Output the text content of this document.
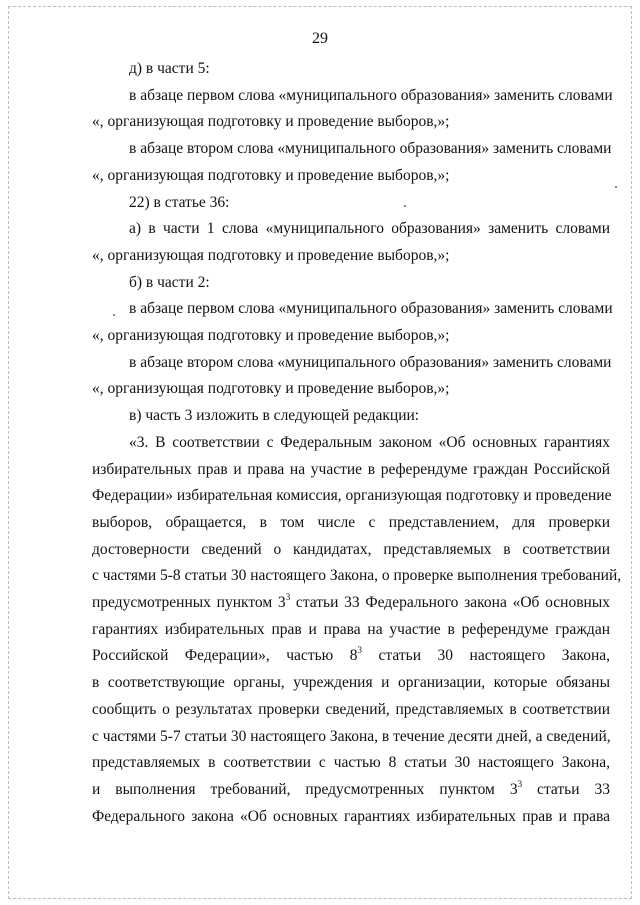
29
д) в части 5:
в абзаце первом слова «муниципального образования» заменить словами
«, организующая подготовку и проведение выборов,»;
в абзаце втором слова «муниципального образования» заменить словами
«, организующая подготовку и проведение выборов,»;
22) в статье 36:
а) в части 1 слова «муниципального образования» заменить словами
«, организующая подготовку и проведение выборов,»;
б) в части 2:
в абзаце первом слова «муниципального образования» заменить словами
«, организующая подготовку и проведение выборов,»;
в абзаце втором слова «муниципального образования» заменить словами
«, организующая подготовку и проведение выборов,»;
в) часть 3 изложить в следующей редакции:
«3. В соответствии с Федеральным законом «Об основных гарантиях
избирательных прав и права на участие в референдуме граждан Российской
Федерации» избирательная комиссия, организующая подготовку и проведение
выборов, обращается, в том числе с представлением, для проверки
достоверности сведений о кандидатах, представляемых в соответствии
с частями 5-8 статьи 30 настоящего Закона, о проверке выполнения требований,
предусмотренных пунктом $3^3$ статьи 33 Федерального закона «Об основных
гарантиях избирательных прав и права на участие в референдуме граждан
Российской Федерации», частью $8^3$ статьи 30 настоящего Закона,
в соответствующие органы, учреждения и организации, которые обязаны
сообщить о результатах проверки сведений, представляемых в соответствии
с частями 5-7 статьи 30 настоящего Закона, в течение десяти дней, а сведений,
представляемых в соответствии с частью 8 статьи 30 настоящего Закона,
и выполнения требований, предусмотренных пунктом $3^3$ статьи 33
Федерального закона «Об основных гарантиях избирательных прав и права
